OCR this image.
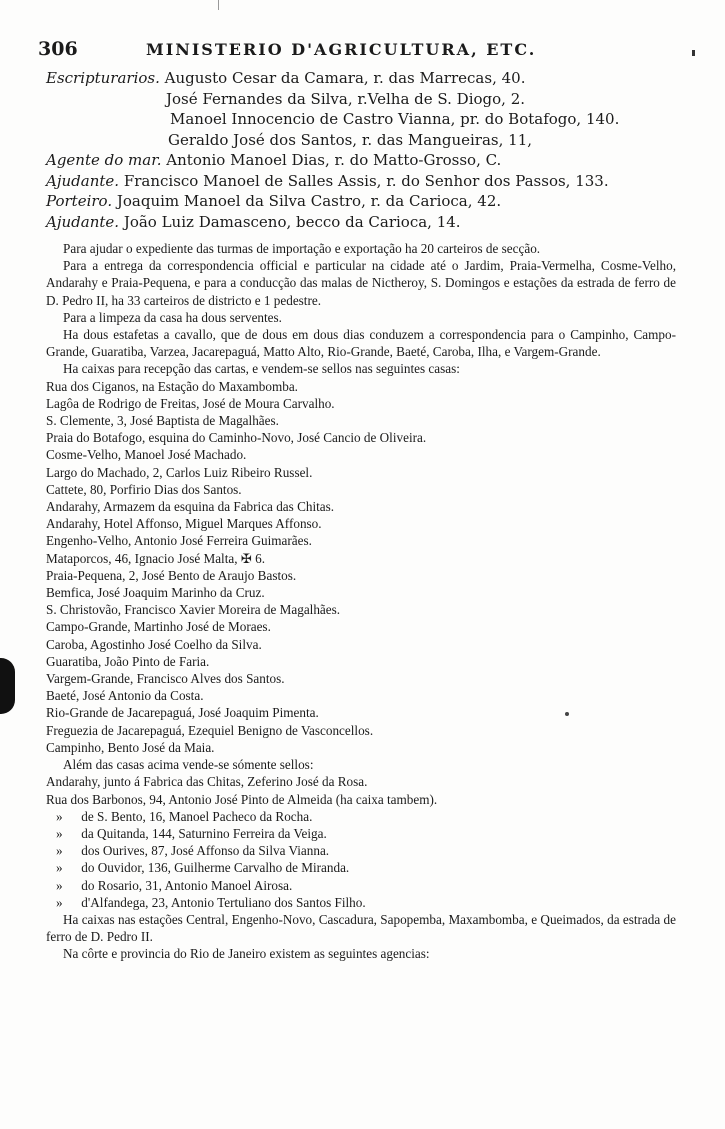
306	MINISTERIO D'AGRICULTURA, ETC.
Escripturarios. Augusto Cesar da Camara, r. das Marrecas, 40.
José Fernandes da Silva, r.Velha de S. Diogo, 2.
Manoel Innocencio de Castro Vianna, pr. do Botafogo, 140.
Geraldo José dos Santos, r. das Mangueiras, 11,
Agente do mar. Antonio Manoel Dias, r. do Matto-Grosso, C.
Ajudante. Francisco Manoel de Salles Assis, r. do Senhor dos Passos, 133.
Porteiro. Joaquim Manoel da Silva Castro, r. da Carioca, 42.
Ajudante. João Luiz Damasceno, becco da Carioca, 14.

Para ajudar o expediente das turmas de importação e exportação ha 20 carteiros de secção.

Para a entrega da correspondencia official e particular na cidade até o Jardim, Praia-Vermelha, Cosme-Velho, Andarahy e Praia-Pequena, e para a conducção das malas de Nictheroy, S. Domingos e estações da estrada de ferro de D. Pedro II, ha 33 carteiros de districto e 1 pedestre.

Para a limpeza da casa ha dous serventes.

Ha dous estafetas a cavallo, que de dous em dous dias conduzem a correspondencia para o Campinho, Campo-Grande, Guaratiba, Varzea, Jacarepaguá, Matto Alto, Rio-Grande, Baeté, Caroba, Ilha, e Vargem-Grande.

Ha caixas para recepção das cartas, e vendem-se sellos nas seguintes casas:

Rua dos Ciganos, na Estação do Maxambomba.

Lagôa de Rodrigo de Freitas, José de Moura Carvalho.

S. Clemente, 3, José Baptista de Magalhães.

Praia do Botafogo, esquina do Caminho-Novo, José Cancio de Oliveira.

Cosme-Velho, Manoel José Machado.

Largo do Machado, 2, Carlos Luiz Ribeiro Russel.

Cattete, 80, Porfirio Dias dos Santos.

Andarahy, Armazem da esquina da Fabrica das Chitas.

Andarahy, Hotel Affonso, Miguel Marques Affonso.

Engenho-Velho, Antonio José Ferreira Guimarães.

Mataporcos, 46, Ignacio José Malta, ✠ 6.

Praia-Pequena, 2, José Bento de Araujo Bastos.

Bemfica, José Joaquim Marinho da Cruz.

S. Christovão, Francisco Xavier Moreira de Magalhães.

Campo-Grande, Martinho José de Moraes.

Caroba, Agostinho José Coelho da Silva.

Guaratiba, João Pinto de Faria.

Vargem-Grande, Francisco Alves dos Santos.

Baeté, José Antonio da Costa.

Rio-Grande de Jacarepaguá, José Joaquim Pimenta.

Freguezia de Jacarepaguá, Ezequiel Benigno de Vasconcellos.

Campinho, Bento José da Maia.

Além das casas acima vende-se sómente sellos:

Andarahy, junto á Fabrica das Chitas, Zeferino José da Rosa.

Rua dos Barbonos, 94, Antonio José Pinto de Almeida (ha caixa tambem).

» de S. Bento, 16, Manoel Pacheco da Rocha.

» da Quitanda, 144, Saturnino Ferreira da Veiga.

» dos Ourives, 87, José Affonso da Silva Vianna.

» do Ouvidor, 136, Guilherme Carvalho de Miranda.

» do Rosario, 31, Antonio Manoel Airosa.

» d'Alfandega, 23, Antonio Tertuliano dos Santos Filho.

Ha caixas nas estações Central, Engenho-Novo, Cascadura, Sapopemba, Maxambomba, e Queimados, da estrada de ferro de D. Pedro II.

Na côrte e provincia do Rio de Janeiro existem as seguintes agencias:
